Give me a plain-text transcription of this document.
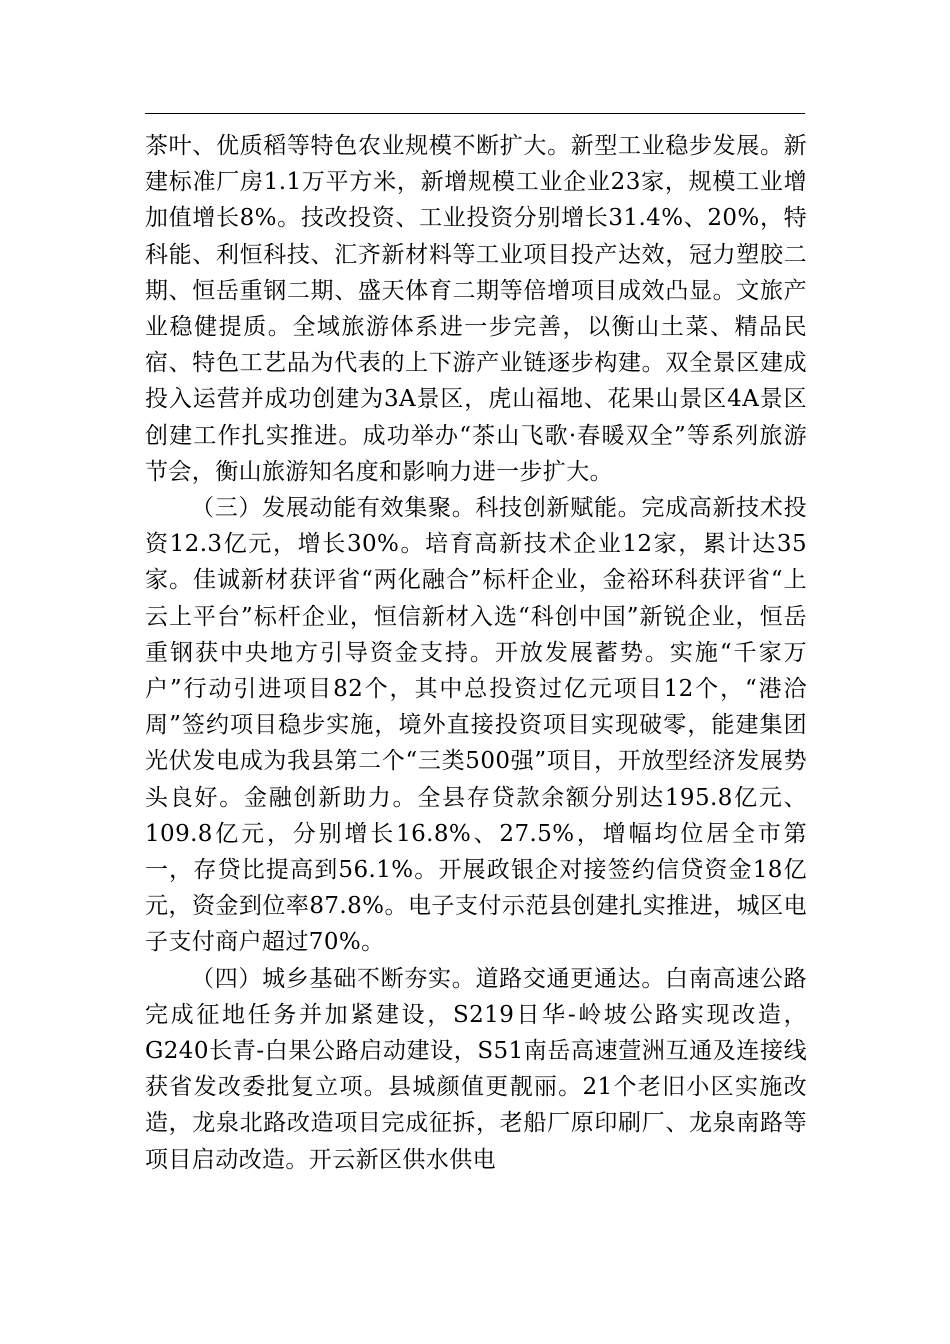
茶叶、优质稻等特色农业规模不断扩大。新型工业稳步发展。新建标准厂房1.1万平方米，新增规模工业企业23家，规模工业增加值增长8%。技改投资、工业投资分别增长31.4%、20%，特科能、利恒科技、汇齐新材料等工业项目投产达效，冠力塑胶二期、恒岳重钢二期、盛天体育二期等倍增项目成效凸显。文旅产业稳健提质。全域旅游体系进一步完善，以衡山土菜、精品民宿、特色工艺品为代表的上下游产业链逐步构建。双全景区建成投入运营并成功创建为3A景区，虎山福地、花果山景区4A景区创建工作扎实推进。成功举办“茶山飞歌·春暖双全”等系列旅游节会，衡山旅游知名度和影响力进一步扩大。

（三）发展动能有效集聚。科技创新赋能。完成高新技术投资12.3亿元，增长30%。培育高新技术企业12家，累计达35家。佳诚新材获评省“两化融合”标杆企业，金裕环科获评省“上云上平台”标杆企业，恒信新材入选“科创中国”新锐企业，恒岳重钢获中央地方引导资金支持。开放发展蓄势。实施“千家万户”行动引进项目82个，其中总投资过亿元项目12个，“港洽周”签约项目稳步实施，境外直接投资项目实现破零，能建集团光伏发电成为我县第二个“三类500强”项目，开放型经济发展势头良好。金融创新助力。全县存贷款余额分别达195.8亿元、109.8亿元，分别增长16.8%、27.5%，增幅均位居全市第一，存贷比提高到56.1%。开展政银企对接签约信贷资金18亿元，资金到位率87.8%。电子支付示范县创建扎实推进，城区电子支付商户超过70%。

（四）城乡基础不断夯实。道路交通更通达。白南高速公路完成征地任务并加紧建设，S219日华-岭坡公路实现改造，G240长青-白果公路启动建设，S51南岳高速萱洲互通及连接线获省发改委批复立项。县城颜值更靓丽。21个老旧小区实施改造，龙泉北路改造项目完成征拆，老船厂原印刷厂、龙泉南路等项目启动改造。开云新区供水供电
